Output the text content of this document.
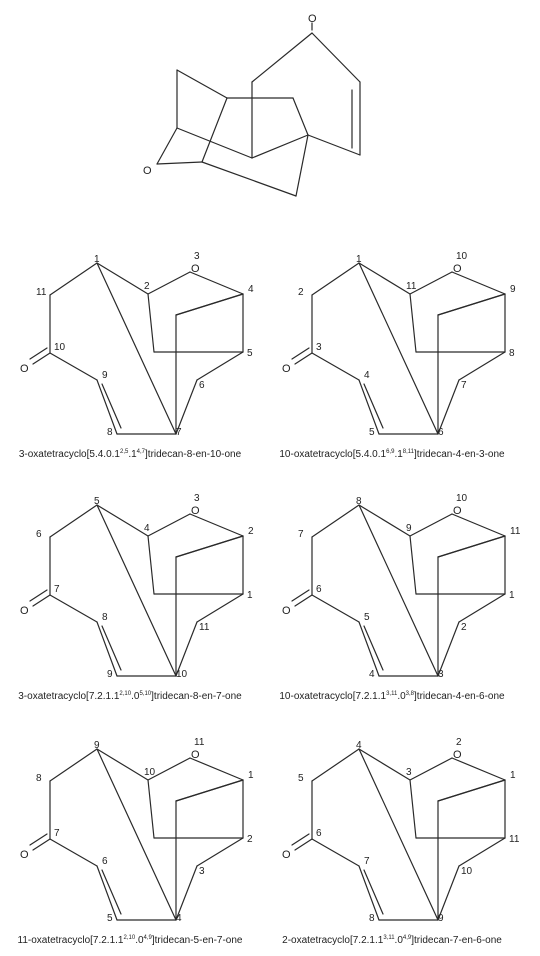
O
O
O
O
3
1
2	4
5
6
7
8
9
10
11
3-oxatetracyclo[5.4.0.1$^{2,5}$.1$^{4,7}$]tridecan-8-en-10-one
O
O
10
1
11	9
8
7
6
5
4
3
2
10-oxatetracyclo[5.4.0.1$^{6,9}$.1$^{8,11}$]tridecan-4-en-3-one
O
O
3
5
4	2
1
11
10
9
8
7
6
3-oxatetracyclo[7.2.1.1$^{2,10}$.0$^{5,10}$]tridecan-8-en-7-one
O
O
10
8
9	11
1
2
3
4
5
6
7
10-oxatetracyclo[7.2.1.1$^{3,11}$.0$^{3,8}$]tridecan-4-en-6-one
O
O
11
9
10	1
2
3
4
5
6
7
8
11-oxatetracyclo[7.2.1.1$^{2,10}$.0$^{4,9}$]tridecan-5-en-7-one
O
O
2
4
3	1
11
10
9
8
7
6
5
2-oxatetracyclo[7.2.1.1$^{3,11}$.0$^{4,9}$]tridecan-7-en-6-one
